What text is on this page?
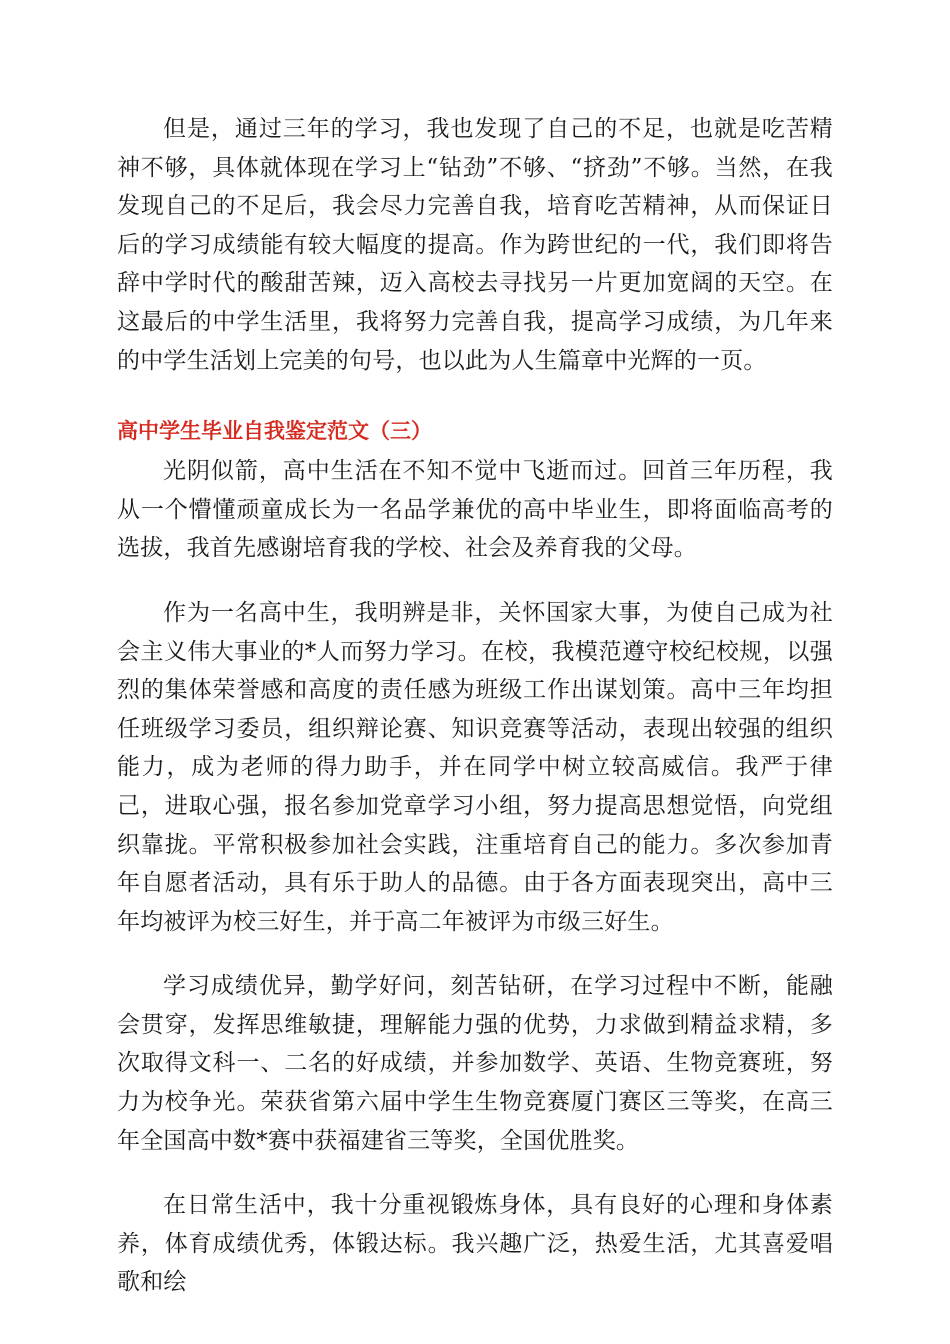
但是，通过三年的学习，我也发现了自己的不足，也就是吃苦精神不够，具体就体现在学习上“钻劲”不够、“挤劲”不够。当然，在我发现自己的不足后，我会尽力完善自我，培育吃苦精神，从而保证日后的学习成绩能有较大幅度的提高。作为跨世纪的一代，我们即将告辞中学时代的酸甜苦辣，迈入高校去寻找另一片更加宽阔的天空。在这最后的中学生活里，我将努力完善自我，提高学习成绩，为几年来的中学生活划上完美的句号，也以此为人生篇章中光辉的一页。

高中学生毕业自我鉴定范文（三）

光阴似箭，高中生活在不知不觉中飞逝而过。回首三年历程，我从一个懵懂顽童成长为一名品学兼优的高中毕业生，即将面临高考的选拔，我首先感谢培育我的学校、社会及养育我的父母。

作为一名高中生，我明辨是非，关怀国家大事，为使自己成为社会主义伟大事业的*人而努力学习。在校，我模范遵守校纪校规，以强烈的集体荣誉感和高度的责任感为班级工作出谋划策。高中三年均担任班级学习委员，组织辩论赛、知识竞赛等活动，表现出较强的组织能力，成为老师的得力助手，并在同学中树立较高威信。我严于律己，进取心强，报名参加党章学习小组，努力提高思想觉悟，向党组织靠拢。平常积极参加社会实践，注重培育自己的能力。多次参加青年自愿者活动，具有乐于助人的品德。由于各方面表现突出，高中三年均被评为校三好生，并于高二年被评为市级三好生。

学习成绩优异，勤学好问，刻苦钻研，在学习过程中不断，能融会贯穿，发挥思维敏捷，理解能力强的优势，力求做到精益求精，多次取得文科一、二名的好成绩，并参加数学、英语、生物竞赛班，努力为校争光。荣获省第六届中学生生物竞赛厦门赛区三等奖，在高三年全国高中数*赛中获福建省三等奖，全国优胜奖。

在日常生活中，我十分重视锻炼身体，具有良好的心理和身体素养，体育成绩优秀，体锻达标。我兴趣广泛，热爱生活，尤其喜爱唱歌和绘
